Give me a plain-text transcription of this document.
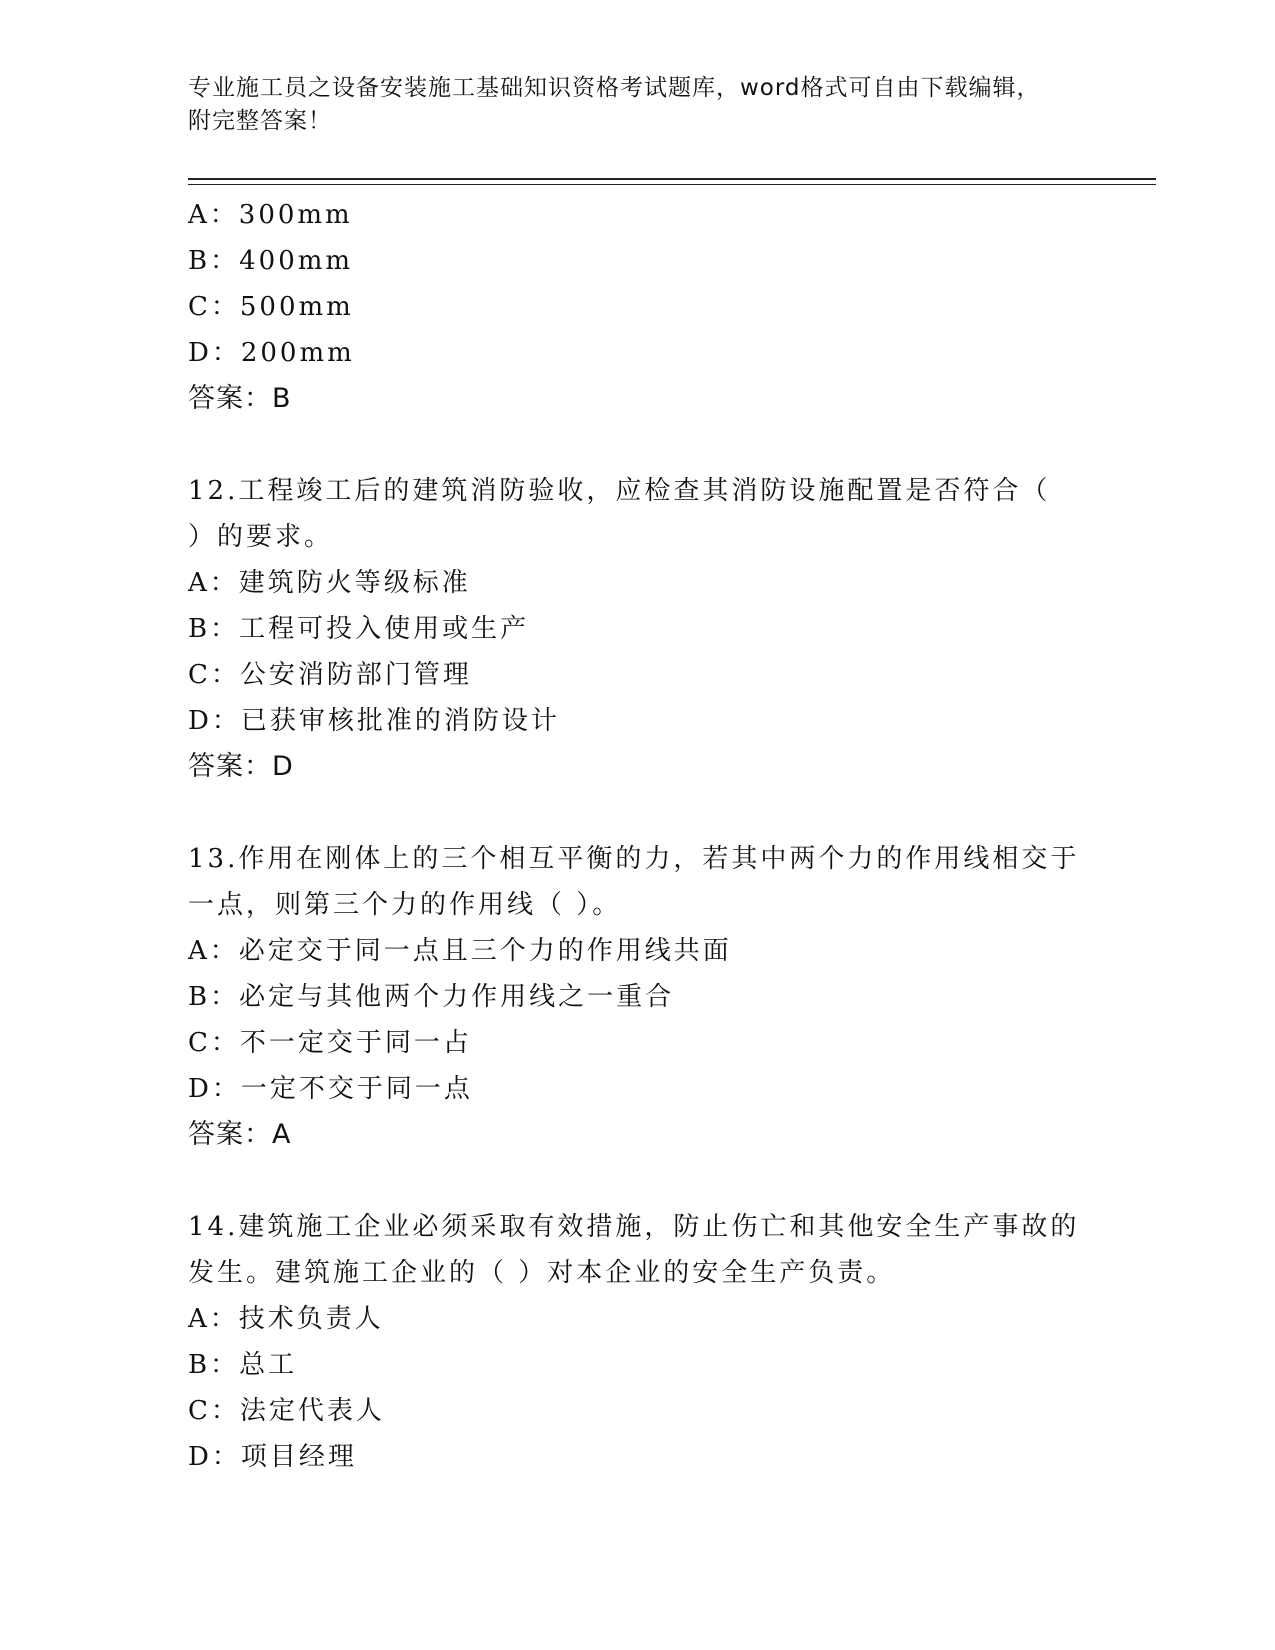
专业施工员之设备安装施工基础知识资格考试题库，word格式可自由下载编辑，
附完整答案！
A：300mm
B：400mm
C：500mm
D：200mm
答案：B
12.工程竣工后的建筑消防验收，应检查其消防设施配置是否符合（
）的要求。
A：建筑防火等级标准
B：工程可投入使用或生产
C：公安消防部门管理
D：已获审核批准的消防设计
答案：D
13.作用在刚体上的三个相互平衡的力，若其中两个力的作用线相交于
一点，则第三个力的作用线（ ）。
A：必定交于同一点且三个力的作用线共面
B：必定与其他两个力作用线之一重合
C：不一定交于同一占
D：一定不交于同一点
答案：A
14.建筑施工企业必须采取有效措施，防止伤亡和其他安全生产事故的
发生。建筑施工企业的（ ）对本企业的安全生产负责。
A：技术负责人
B：总工
C：法定代表人
D：项目经理
